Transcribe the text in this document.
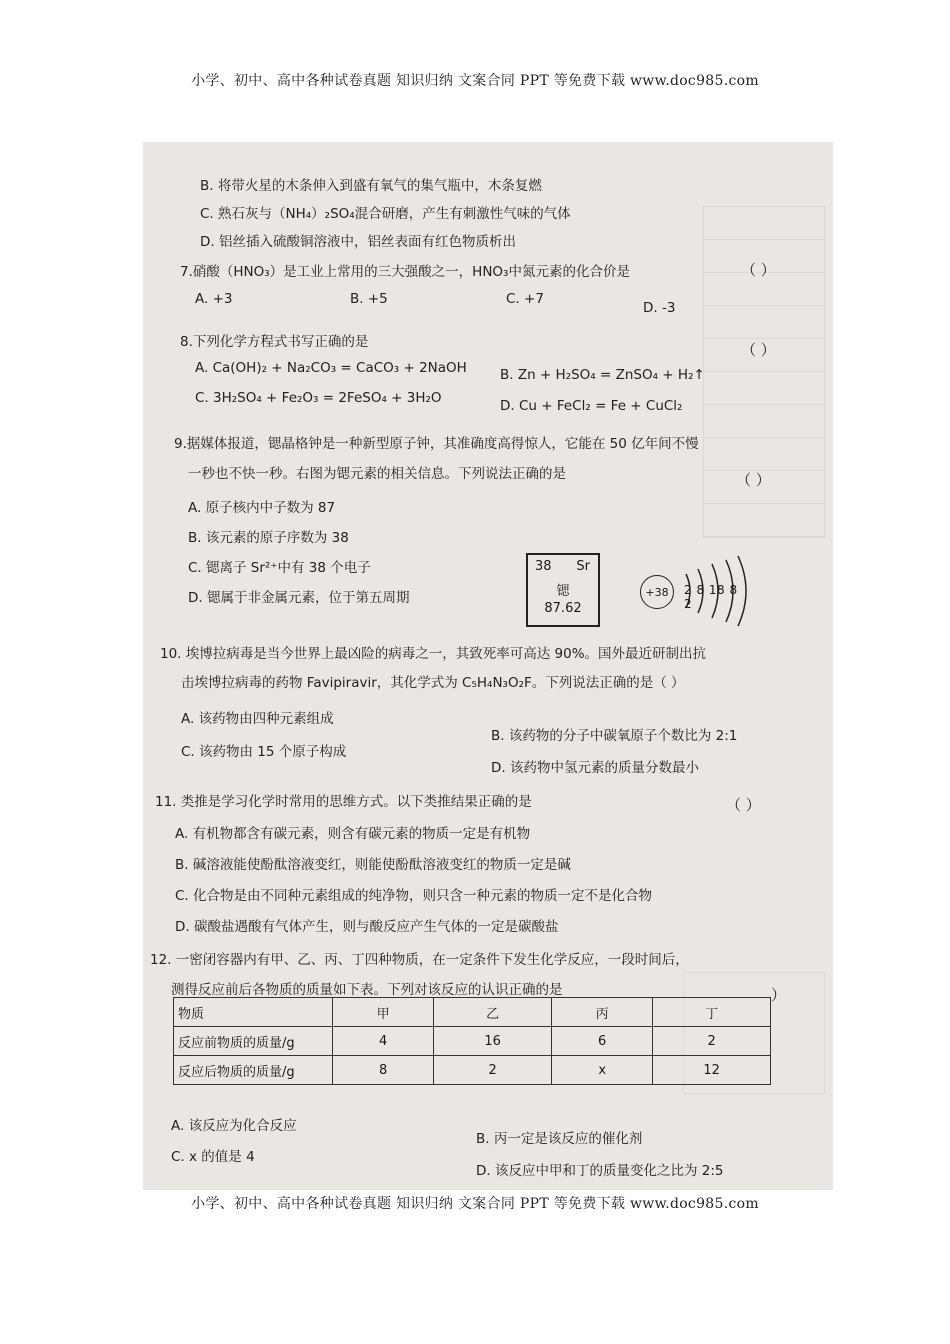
小学、初中、高中各种试卷真题 知识归纳 文案合同 PPT 等免费下载 www.doc985.com
B. 将带火星的木条伸入到盛有氧气的集气瓶中，木条复燃
C. 熟石灰与（NH₄）₂SO₄混合研磨，产生有刺激性气味的气体
D. 铝丝插入硫酸铜溶液中，铝丝表面有红色物质析出
7.硝酸（HNO₃）是工业上常用的三大强酸之一，HNO₃中氮元素的化合价是	（ ）
A. +3	B. +5	C. +7
D. -3
8.下列化学方程式书写正确的是	（ ）
A. Ca(OH)₂ + Na₂CO₃ = CaCO₃ + 2NaOH B. Zn + H₂SO₄ = ZnSO₄ + H₂↑
C. 3H₂SO₄ + Fe₂O₃ = 2FeSO₄ + 3H₂O	D. Cu + FeCl₂ = Fe + CuCl₂
9.据媒体报道，锶晶格钟是一种新型原子钟，其准确度高得惊人，它能在 50 亿年间不慢
一秒也不快一秒。右图为锶元素的相关信息。下列说法正确的是	（ ）
A. 原子核内中子数为 87
B. 该元素的原子序数为 38
C. 锶离子 Sr²⁺中有 38 个电子
D. 锶属于非金属元素，位于第五周期
38 Sr
锶
87.62
+38	2 8 18 8 2
10. 埃博拉病毒是当今世界上最凶险的病毒之一，其致死率可高达 90%。国外最近研制出抗
击埃博拉病毒的药物 Favipiravir，其化学式为 C₅H₄N₃O₂F。下列说法正确的是（ ）
A. 该药物由四种元素组成
B. 该药物的分子中碳氧原子个数比为 2:1
C. 该药物由 15 个原子构成
D. 该药物中氢元素的质量分数最小
11. 类推是学习化学时常用的思维方式。以下类推结果正确的是	（ ）
A. 有机物都含有碳元素，则含有碳元素的物质一定是有机物
B. 碱溶液能使酚酞溶液变红，则能使酚酞溶液变红的物质一定是碱
C. 化合物是由不同种元素组成的纯净物，则只含一种元素的物质一定不是化合物
D. 碳酸盐遇酸有气体产生，则与酸反应产生气体的一定是碳酸盐
12. 一密闭容器内有甲、乙、丙、丁四种物质，在一定条件下发生化学反应，一段时间后，
测得反应前后各物质的质量如下表。下列对该反应的认识正确的是	）
物质	甲	乙	丙	丁
反应前物质的质量/g	4	16	6	2
反应后物质的质量/g	8	2	x	12
A. 该反应为化合反应
B. 丙一定是该反应的催化剂
C. x 的值是 4
D. 该反应中甲和丁的质量变化之比为 2:5
小学、初中、高中各种试卷真题 知识归纳 文案合同 PPT 等免费下载 www.doc985.com
